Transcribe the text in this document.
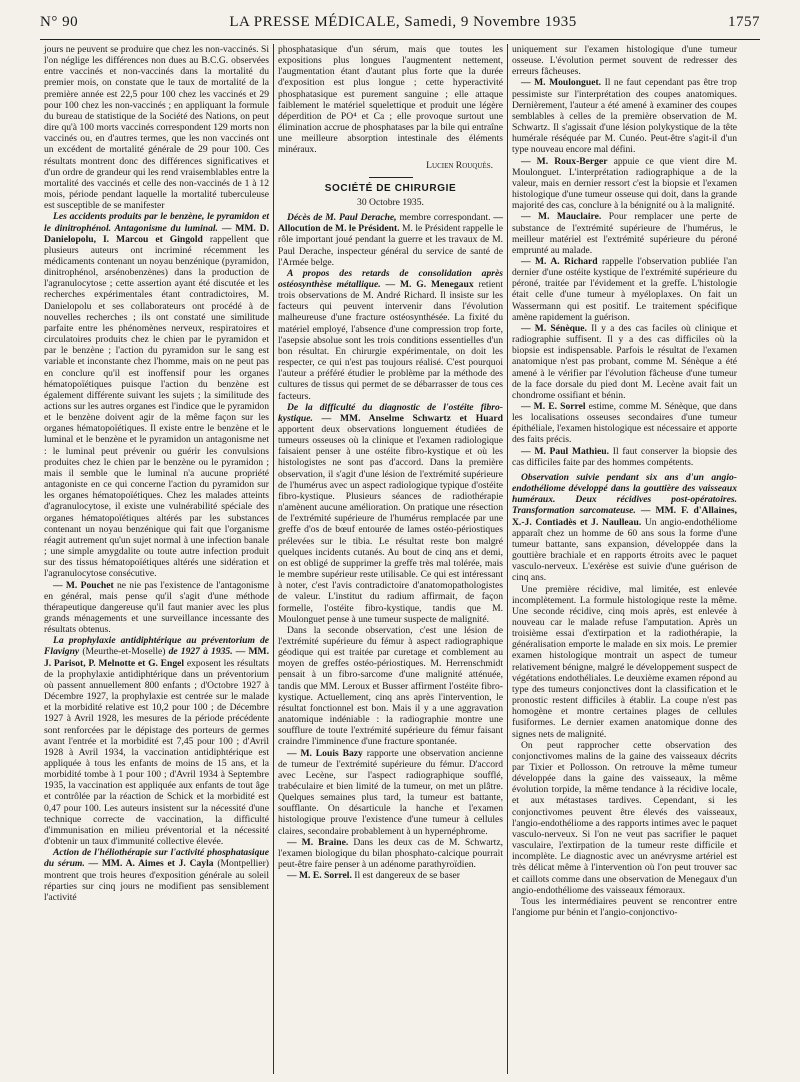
N° 90	LA PRESSE MÉDICALE, Samedi, 9 Novembre 1935	1757

jours ne peuvent se produire que chez les non-vaccinés. Si l'on néglige les différences non dues au B.C.G. observées entre vaccinés et non-vaccinés dans la mortalité du premier mois, on constate que le taux de mortalité de la première année est 22,5 pour 100 chez les vaccinés et 29 pour 100 chez les non-vaccinés ; en appliquant la formule du bureau de statistique de la Société des Nations, on peut dire qu'à 100 morts vaccinés correspondent 129 morts non vaccinés ou, en d'autres termes, que les non vaccinés ont un excédent de mortalité générale de 29 pour 100. Ces résultats montrent donc des différences significatives et d'un ordre de grandeur qui les rend vraisemblables entre la mortalité des vaccinés et celle des non-vaccinés de 1 à 12 mois, période pendant laquelle la mortalité tuberculeuse est susceptible de se manifester

Les accidents produits par le benzène, le pyramidon et le dinitrophénol. Antagonisme du luminal. — MM. D. Danielopolu, I. Marcou et Gingold rappellent que plusieurs auteurs ont incriminé récemment les médicaments contenant un noyau benzénique (pyramidon, dinitrophénol, arsénobenzènes) dans la production de l'agranulocytose ; cette assertion ayant été discutée et les recherches expérimentales étant contradictoires, M. Danielopolu et ses collaborateurs ont procédé à de nouvelles recherches ; ils ont constaté une similitude parfaite entre les phénomènes nerveux, respiratoires et circulatoires produits chez le chien par le pyramidon et par le benzène ; l'action du pyramidon sur le sang est variable et inconstante chez l'homme, mais on ne peut pas en conclure qu'il est inoffensif pour les organes hématopoïétiques puisque l'action du benzène est également différente suivant les sujets ; la similitude des actions sur les autres organes est l'indice que le pyramidon et le benzène doivent agir de la même façon sur les organes hématopoïétiques. Il existe entre le benzène et le luminal et le benzène et le pyramidon un antagonisme net : le luminal peut prévenir ou guérir les convulsions produites chez le chien par le benzène ou le pyramidon ; mais il semble que le luminal n'a aucune propriété antagoniste en ce qui concerne l'action du pyramidon sur les organes hématopoïétiques. Chez les malades atteints d'agranulocytose, il existe une vulnérabilité spéciale des organes hématopoïétiques altérés par les substances contenant un noyau benzénique qui fait que l'organisme réagit autrement qu'un sujet normal à une infection banale ; une simple amygdalite ou toute autre infection produit sur des tissus hématopoïétiques altérés une sidération et l'agranulocytose consécutive.

— M. Pouchet ne nie pas l'existence de l'antagonisme en général, mais pense qu'il s'agit d'une méthode thérapeutique dangereuse qu'il faut manier avec les plus grands ménagements et une surveillance incessante des résultats obtenus.

La prophylaxie antidiphtérique au préventorium de Flavigny (Meurthe-et-Moselle) de 1927 à 1935. — MM. J. Parisot, P. Melnotte et G. Engel exposent les résultats de la prophylaxie antidiphtérique dans un préventorium où passent annuellement 800 enfants ; d'Octobre 1927 à Décembre 1927, la prophylaxie est centrée sur le malade et la morbidité relative est 10,2 pour 100 ; de Décembre 1927 à Avril 1928, les mesures de la période précédente sont renforcées par le dépistage des porteurs de germes avant l'entrée et la morbidité est 7,45 pour 100 ; d'Avril 1928 à Avril 1934, la vaccination antidiphtérique est appliquée à tous les enfants de moins de 15 ans, et la morbidité tombe à 1 pour 100 ; d'Avril 1934 à Septembre 1935, la vaccination est appliquée aux enfants de tout âge et contrôlée par la réaction de Schick et la morbidité est 0,47 pour 100. Les auteurs insistent sur la nécessité d'une technique correcte de vaccination, la difficulté d'immunisation en milieu préventorial et la nécessité d'obtenir un taux d'immunité collective élevée.

Action de l'héliothérapie sur l'activité phosphatasique du sérum. — MM. A. Aimes et J. Cayla (Montpellier) montrent que trois heures d'exposition générale au soleil réparties sur cinq jours ne modifient pas sensiblement l'activité

phosphatasique d'un sérum, mais que toutes les expositions plus longues l'augmentent nettement, l'augmentation étant d'autant plus forte que la durée d'exposition est plus longue ; cette hyperactivité phosphatasique est purement sanguine ; elle attaque faiblement le matériel squelettique et produit une légère déperdition de PO⁴ et Ca ; elle provoque surtout une élimination accrue de phosphatases par la bile qui entraîne une meilleure absorption intestinale des éléments minéraux.

Lucien Rouquès.

SOCIÉTÉ DE CHIRURGIE
30 Octobre 1935.

Décès de M. Paul Derache, membre correspondant. — Allocution de M. le Président. M. le Président rappelle le rôle important joué pendant la guerre et les travaux de M. Paul Derache, inspecteur général du service de santé de l'Armée belge.

A propos des retards de consolidation après ostéosynthèse métallique. — M. G. Menegaux retient trois observations de M. André Richard. Il insiste sur les facteurs qui peuvent intervenir dans l'évolution malheureuse d'une fracture ostéosynthésée. La fixité du matériel employé, l'absence d'une compression trop forte, l'asepsie absolue sont les trois conditions essentielles d'un bon résultat. En chirurgie expérimentale, on doit les respecter, ce qui n'est pas toujours réalisé. C'est pourquoi l'auteur a préféré étudier le problème par la méthode des cultures de tissus qui permet de se débarrasser de tous ces facteurs.

De la difficulté du diagnostic de l'ostéite fibro-kystique. — MM. Anselme Schwartz et Huard apportent deux observations longuement étudiées de tumeurs osseuses où la clinique et l'examen radiologique faisaient penser à une ostéite fibro-kystique et où les histologistes ne sont pas d'accord. Dans la première observation, il s'agit d'une lésion de l'extrémité supérieure de l'humérus avec un aspect radiologique typique d'ostéite fibro-kystique. Plusieurs séances de radiothérapie n'amènent aucune amélioration. On pratique une résection de l'extrémité supérieure de l'humérus remplacée par une greffe d'os de bœuf entourée de lames ostéo-périostiques prélevées sur le tibia. Le résultat reste bon malgré quelques incidents cutanés. Au bout de cinq ans et demi, on est obligé de supprimer la greffe très mal tolérée, mais le membre supérieur reste utilisable. Ce qui est intéressant à noter, c'est l'avis contradictoire d'anatomopathologistes de valeur. L'institut du radium affirmait, de façon formelle, l'ostéite fibro-kystique, tandis que M. Moulonguet pense à une tumeur suspecte de malignité.

Dans la seconde observation, c'est une lésion de l'extrémité supérieure du fémur à aspect radiographique géodique qui est traitée par curetage et comblement au moyen de greffes ostéo-périostiques. M. Herrenschmidt pensait à un fibro-sarcome d'une malignité atténuée, tandis que MM. Leroux et Busser affirment l'ostéite fibro-kystique. Actuellement, cinq ans après l'intervention, le résultat fonctionnel est bon. Mais il y a une aggravation anatomique indéniable : la radiographie montre une soufflure de toute l'extrémité supérieure du fémur faisant craindre l'imminence d'une fracture spontanée.

— M. Louis Bazy rapporte une observation ancienne de tumeur de l'extrémité supérieure du fémur. D'accord avec Lecène, sur l'aspect radiographique soufflé, trabéculaire et bien limité de la tumeur, on met un plâtre. Quelques semaines plus tard, la tumeur est battante, soufflante. On désarticule la hanche et l'examen histologique prouve l'existence d'une tumeur à cellules claires, secondaire probablement à un hypernéphrome.

— M. Braine. Dans les deux cas de M. Schwartz, l'examen biologique du bilan phosphato-calcique pourrait peut-être faire penser à un adénome parathyroïdien.

— M. E. Sorrel. Il est dangereux de se baser

uniquement sur l'examen histologique d'une tumeur osseuse. L'évolution permet souvent de redresser des erreurs fâcheuses.

— M. Moulonguet. Il ne faut cependant pas être trop pessimiste sur l'interprétation des coupes anatomiques. Dernièrement, l'auteur a été amené à examiner des coupes semblables à celles de la première observation de M. Schwartz. Il s'agissait d'une lésion polykystique de la tête humérale réséquée par M. Cunéo. Peut-être s'agit-il d'un type nouveau encore mal défini.

— M. Roux-Berger appuie ce que vient dire M. Moulonguet. L'interprétation radiographique a de la valeur, mais en dernier ressort c'est la biopsie et l'examen histologique d'une tumeur osseuse qui doit, dans la grande majorité des cas, conclure à la bénignité ou à la malignité.

— M. Mauclaire. Pour remplacer une perte de substance de l'extrémité supérieure de l'humérus, le meilleur matériel est l'extrémité supérieure du péroné emprunté au malade.

— M. A. Richard rappelle l'observation publiée l'an dernier d'une ostéite kystique de l'extrémité supérieure du péroné, traitée par l'évidement et la greffe. L'histologie était celle d'une tumeur à myéloplaxes. On fait un Wassermann qui est positif. Le traitement spécifique amène rapidement la guérison.

— M. Sénèque. Il y a des cas faciles où clinique et radiographie suffisent. Il y a des cas difficiles où la biopsie est indispensable. Parfois le résultat de l'examen anatomique n'est pas probant, comme M. Sénèque a été amené à le vérifier par l'évolution fâcheuse d'une tumeur de la face dorsale du pied dont M. Lecène avait fait un chondrome ossifiant et bénin.

— M. E. Sorrel estime, comme M. Sénèque, que dans les localisations osseuses secondaires d'une tumeur épithéliale, l'examen histologique est nécessaire et apporte des faits précis.

— M. Paul Mathieu. Il faut conserver la biopsie des cas difficiles faite par des hommes compétents.

Observation suivie pendant six ans d'un angio-endothéliome développé dans la gouttière des vaisseaux huméraux. Deux récidives post-opératoires. Transformation sarcomateuse. — MM. F. d'Allaines, X.-J. Contiadès et J. Naulleau. Un angio-endothéliome apparaît chez un homme de 60 ans sous la forme d'une tumeur battante, sans expansion, développée dans la gouttière brachiale et en rapports étroits avec le paquet vasculo-nerveux. L'exérèse est suivie d'une guérison de cinq ans.

Une première récidive, mal limitée, est enlevée incomplètement. La formule histologique reste la même. Une seconde récidive, cinq mois après, est enlevée à nouveau car le malade refuse l'amputation. Après un troisième essai d'extirpation et la radiothérapie, la généralisation emporte le malade en six mois. Le premier examen histologique montrait un aspect de tumeur relativement bénigne, malgré le développement suspect de végétations endothéliales. Le deuxième examen répond au type des tumeurs conjonctives dont la classification et le pronostic restent difficiles à établir. La coupe n'est pas homogène et montre certaines plages de cellules fusiformes. Le dernier examen anatomique donne des signes nets de malignité.

On peut rapprocher cette observation des conjonctivomes malins de la gaine des vaisseaux décrits par Tixier et Pollosson. On retrouve la même tumeur développée dans la gaine des vaisseaux, la même évolution torpide, la même tendance à la récidive locale, et aux métastases tardives. Cependant, si les conjonctivomes peuvent être élevés des vaisseaux, l'angio-endothéliome a des rapports intimes avec le paquet vasculo-nerveux. Si l'on ne veut pas sacrifier le paquet vasculaire, l'extirpation de la tumeur reste difficile et incomplète. Le diagnostic avec un anévrysme artériel est très délicat même à l'intervention où l'on peut trouver sac et caillots comme dans une observation de Menegaux d'un angio-endothéliome des vaisseaux fémoraux.

Tous les intermédiaires peuvent se rencontrer entre l'angiome pur bénin et l'angio-conjonctivo-
